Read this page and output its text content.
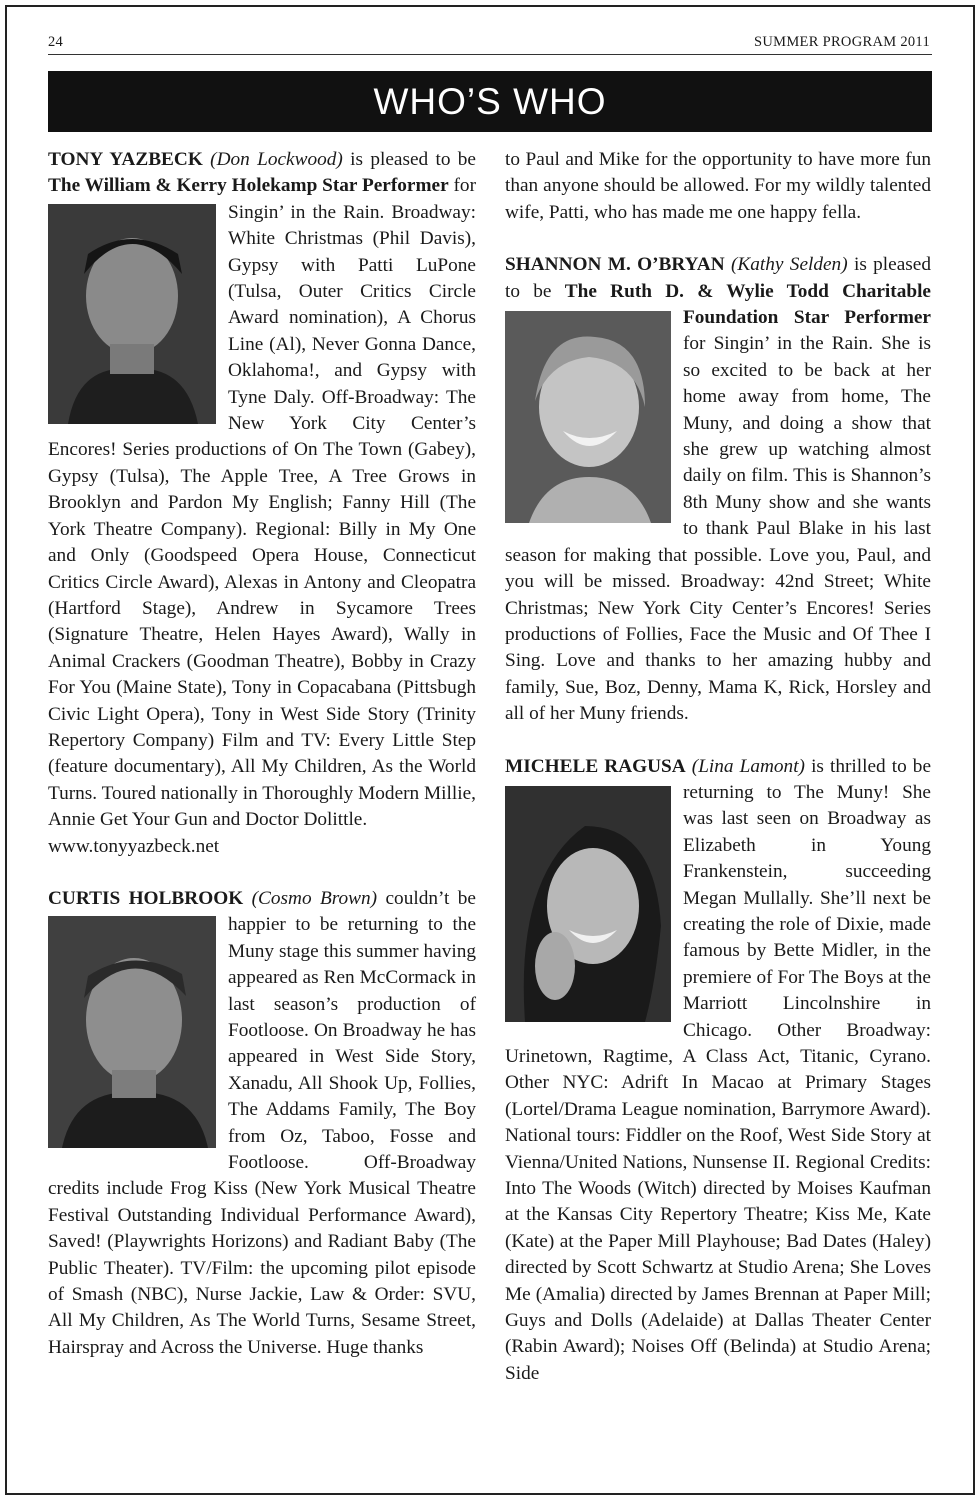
24	SUMMER PROGRAM 2011
WHO’S WHO

TONY YAZBECK (Don Lockwood) is pleased to be The William & Kerry Holekamp Star Performer
for Singin’ in the Rain. Broadway: White Christmas (Phil Davis), Gypsy with Patti LuPone (Tulsa, Outer Critics Circle Award nomination), A Chorus Line (Al), Never Gonna Dance, Oklahoma!, and Gypsy with Tyne Daly. Off-Broadway: The New York City Center’s Encores! Series productions of On The Town (Gabey), Gypsy (Tulsa), The Apple Tree, A Tree Grows in Brooklyn and Pardon My English; Fanny Hill (The York Theatre Company). Regional: Billy in My One and Only (Goodspeed Opera House, Connecticut Critics Circle Award), Alexas in Antony and Cleopatra (Hartford Stage), Andrew in Sycamore Trees (Signature Theatre, Helen Hayes Award), Wally in Animal Crackers (Goodman Theatre), Bobby in Crazy For You (Maine State), Tony in Copacabana (Pittsbugh Civic Light Opera), Tony in West Side Story (Trinity Repertory Company) Film and TV: Every Little Step (feature documentary), All My Children, As the World Turns. Toured nationally in Thoroughly Modern Millie, Annie Get Your Gun and Doctor Dolittle.
www.tonyyazbeck.net

CURTIS HOLBROOK (Cosmo Brown)
couldn’t be happier to be returning to the Muny stage this summer having appeared as Ren McCormack in last season’s production of Footloose. On Broadway he has appeared in West Side Story, Xanadu, All Shook Up, Follies, The Addams Family, The Boy from Oz, Taboo, Fosse and Footloose. Off-Broadway credits include Frog Kiss (New York Musical Theatre Festival Outstanding Individual Performance Award), Saved! (Playwrights Horizons) and Radiant Baby (The Public Theater). TV/Film: the upcoming pilot episode of Smash (NBC), Nurse Jackie, Law & Order: SVU, All My Children, As The World Turns, Sesame Street, Hairspray and Across the Universe. Huge thanks

to Paul and Mike for the opportunity to have more fun than anyone should be allowed. For my wildly talented wife, Patti, who has made me one happy fella.

SHANNON M. O’BRYAN (Kathy Selden) is pleased to be The Ruth D. & Wylie Todd Charitable Foundation Star Performer
for Singin’ in the Rain. She is so excited to be back at her home away from home, The Muny, and doing a show that she grew up watching almost daily on film. This is Shannon’s 8th Muny show and she wants to thank Paul Blake in his last season for making that possible. Love you, Paul, and you will be missed. Broadway: 42nd Street; White Christmas; New York City Center’s Encores! Series productions of Follies, Face the Music and Of Thee I Sing. Love and thanks to her amazing hubby and family, Sue, Boz, Denny, Mama K, Rick, Horsley and all of her Muny friends.

MICHELE RAGUSA (Lina Lamont)
is thrilled to be returning to The Muny! She was last seen on Broadway as Elizabeth in Young Frankenstein, succeeding Megan Mullally. She’ll next be creating the role of Dixie, made famous by Bette Midler, in the premiere of For The Boys at the Marriott Lincolnshire in Chicago. Other Broadway: Urinetown, Ragtime, A Class Act, Titanic, Cyrano. Other NYC: Adrift In Macao at Primary Stages (Lortel/Drama League nomination, Barrymore Award). National tours: Fiddler on the Roof, West Side Story at Vienna/United Nations, Nunsense II. Regional Credits: Into The Woods (Witch) directed by Moises Kaufman at the Kansas City Repertory Theatre; Kiss Me, Kate (Kate) at the Paper Mill Playhouse; Bad Dates (Haley) directed by Scott Schwartz at Studio Arena; She Loves Me (Amalia) directed by James Brennan at Paper Mill; Guys and Dolls (Adelaide) at Dallas Theater Center (Rabin Award); Noises Off (Belinda) at Studio Arena; Side
